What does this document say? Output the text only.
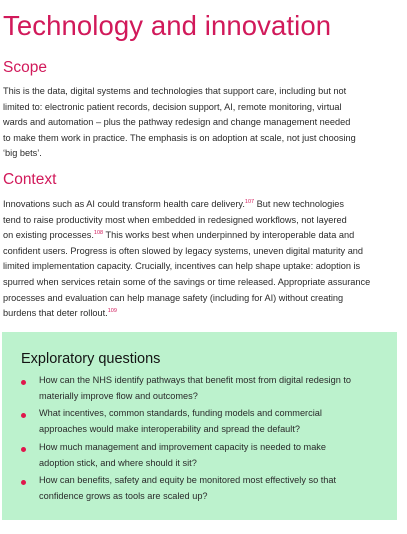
Technology and innovation
Scope

This is the data, digital systems and technologies that support care, including but not
limited to: electronic patient records, decision support, AI, remote monitoring, virtual
wards and automation – plus the pathway redesign and change management needed
to make them work in practice. The emphasis is on adoption at scale, not just choosing
‘big bets’.

Context

Innovations such as AI could transform health care delivery.$^{107}$ But new technologies
tend to raise productivity most when embedded in redesigned workflows, not layered
on existing processes.$^{108}$ This works best when underpinned by interoperable data and
confident users. Progress is often slowed by legacy systems, uneven digital maturity and
limited implementation capacity. Crucially, incentives can help shape uptake: adoption is
spurred when services retain some of the savings or time released. Appropriate assurance
processes and evaluation can help manage safety (including for AI) without creating
burdens that deter rollout.$^{109}$

Exploratory questions
How can the NHS identify pathways that benefit most from digital redesign to
materially improve flow and outcomes?
What incentives, common standards, funding models and commercial
approaches would make interoperability and spread the default?
How much management and improvement capacity is needed to make
adoption stick, and where should it sit?
How can benefits, safety and equity be monitored most effectively so that
confidence grows as tools are scaled up?
